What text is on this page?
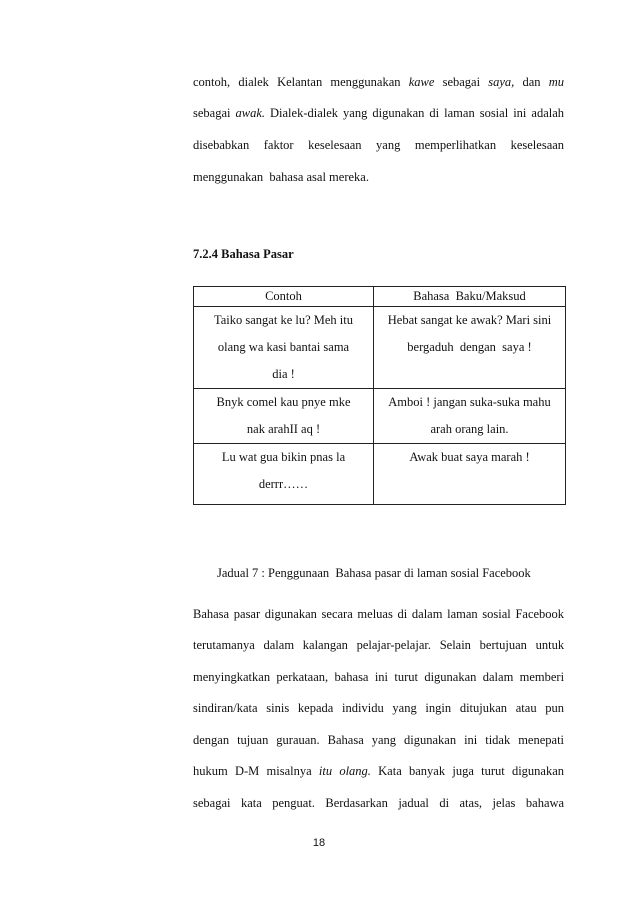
contoh, dialek Kelantan menggunakan kawe sebagai saya, dan mu
sebagai awak. Dialek-dialek yang digunakan di laman sosial ini adalah
disebabkan faktor keselesaan yang memperlihatkan keselesaan
menggunakan  bahasa asal mereka.
7.2.4 Bahasa Pasar
Contoh	Bahasa  Baku/Maksud

Taiko sangat ke lu? Meh itu
olang wa kasi bantai sama
dia !	Hebat sangat ke awak? Mari sini
bergaduh  dengan  saya !

Bnyk comel kau pnye mke
nak arahII aq !	Amboi ! jangan suka-suka mahu
arah orang lain.

Lu wat gua bikin pnas la
derrr……	Awak buat saya marah !
Jadual 7 : Penggunaan  Bahasa pasar di laman sosial Facebook
Bahasa pasar digunakan secara meluas di dalam laman sosial Facebook
terutamanya dalam kalangan pelajar-pelajar. Selain bertujuan untuk
menyingkatkan perkataan, bahasa ini turut digunakan dalam memberi
sindiran/kata sinis kepada individu yang ingin ditujukan atau pun
dengan tujuan gurauan. Bahasa yang digunakan ini tidak menepati
hukum D-M misalnya itu olang. Kata banyak juga turut digunakan
sebagai kata penguat. Berdasarkan jadual di atas, jelas bahawa
18
